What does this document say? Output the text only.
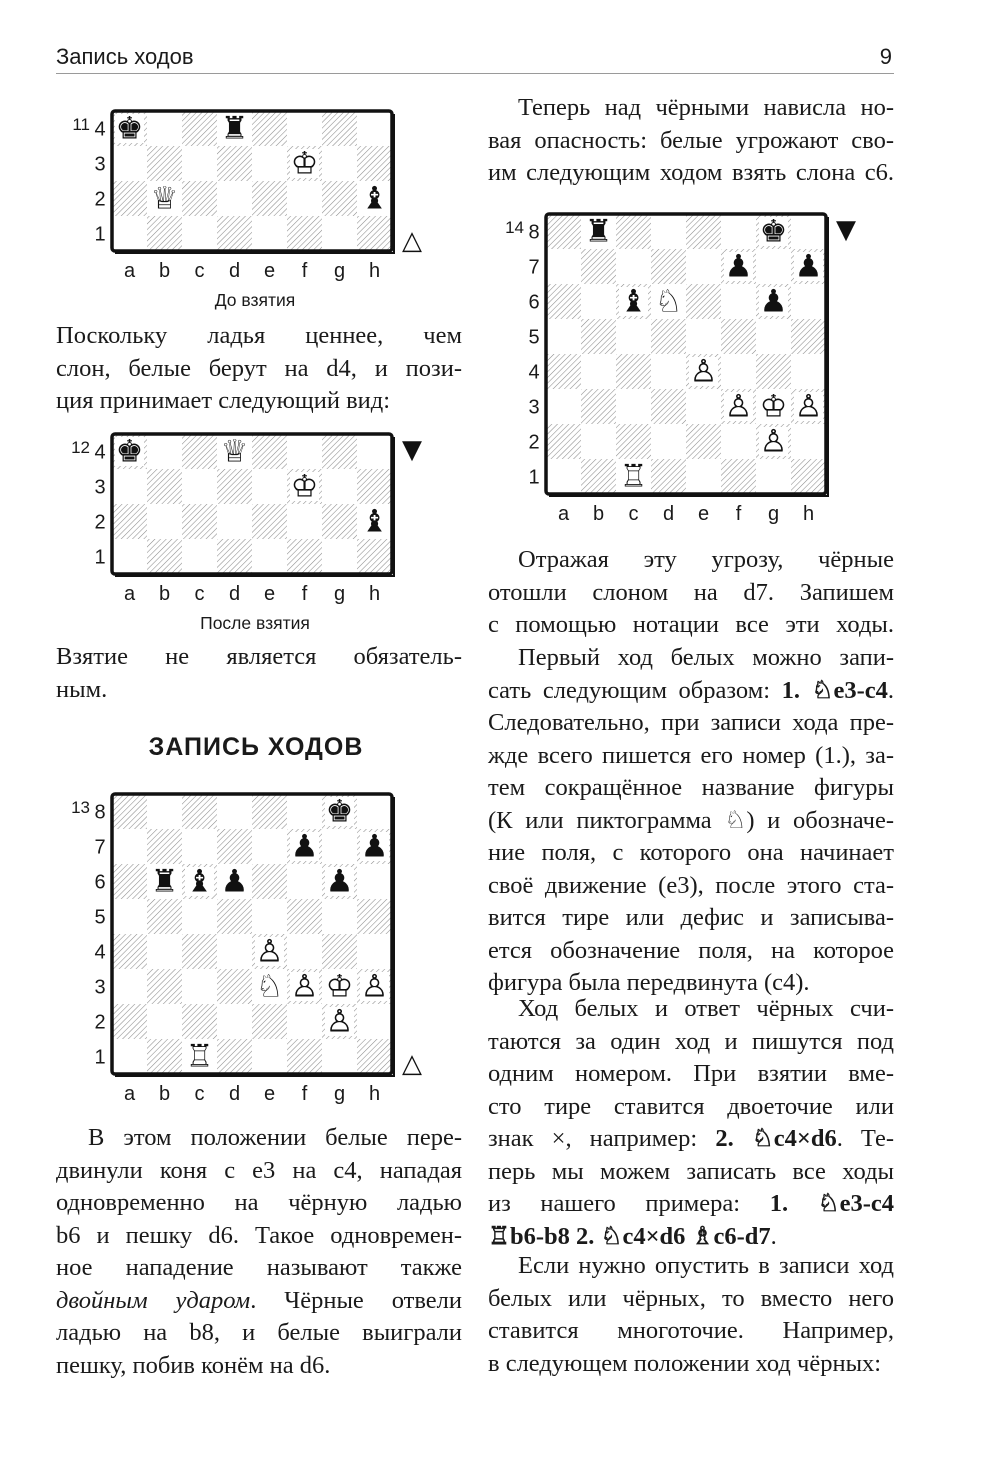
Запись ходов	9
♚ ♜
♔
♕	♝
4
3
2
1
a b c d e f g h
11
△
До взятия
Поскольку ладья ценнее, чем
слон, белые берут на d4, и пози-
ция принимает следующий вид:
♚ ♕
♔
♝
4
3
2
1
a b c d e f g h
12	▼
После взятия
Взятие не является обязатель-
ным.
ЗАПИСЬ ХОДОВ
♚
♟ ♟
♜ ♝ ♟ ♟
♙
♘ ♙ ♔ ♙
♙
♖
8
7
6
5
4
3
2
1
a b c d e f g h
13
△
В этом положении белые пере-
двинули коня с е3 на с4, нападая
одновременно на чёрную ладью
b6 и пешку d6. Такое одновремен-
ное нападение называют также
двойным ударом. Чёрные отвели
ладью на b8, и белые выиграли
пешку, побив конём на d6.
Теперь над чёрными нависла но-
вая опасность: белые угрожают сво-
им следующим ходом взять слона с6.
♜	♚
♟ ♟
♝ ♘ ♟
♙
♙ ♔ ♙
♙
♖
8
7
6
5
4
3
2
1
a b c d e f g h
14	▼
Отражая эту угрозу, чёрные
отошли слоном на d7. Запишем
с помощью нотации все эти ходы.
Первый ход белых можно запи-
сать следующим образом: 1. ♘e3-c4.
Следовательно, при записи хода пре-
жде всего пишется его номер (1.), за-
тем сокращённое название фигуры
(К или пиктограмма ♘) и обозначе-
ние поля, с которого она начинает
своё движение (е3), после этого ста-
вится тире или дефис и записыва-
ется обозначение поля, на которое
фигура была передвинута (с4).
Ход белых и ответ чёрных счи-
таются за один ход и пишутся под
одним номером. При взятии вме-
сто тире ставится двоеточие или
знак ×, например: 2. ♘c4×d6. Те-
перь мы можем записать все ходы
из нашего примера: 1. ♘e3-c4
♖b6-b8 2. ♘c4×d6 ♗c6-d7.
Если нужно опустить в записи ход
белых или чёрных, то вместо него
ставится многоточие. Например,
в следующем положении ход чёрных:
